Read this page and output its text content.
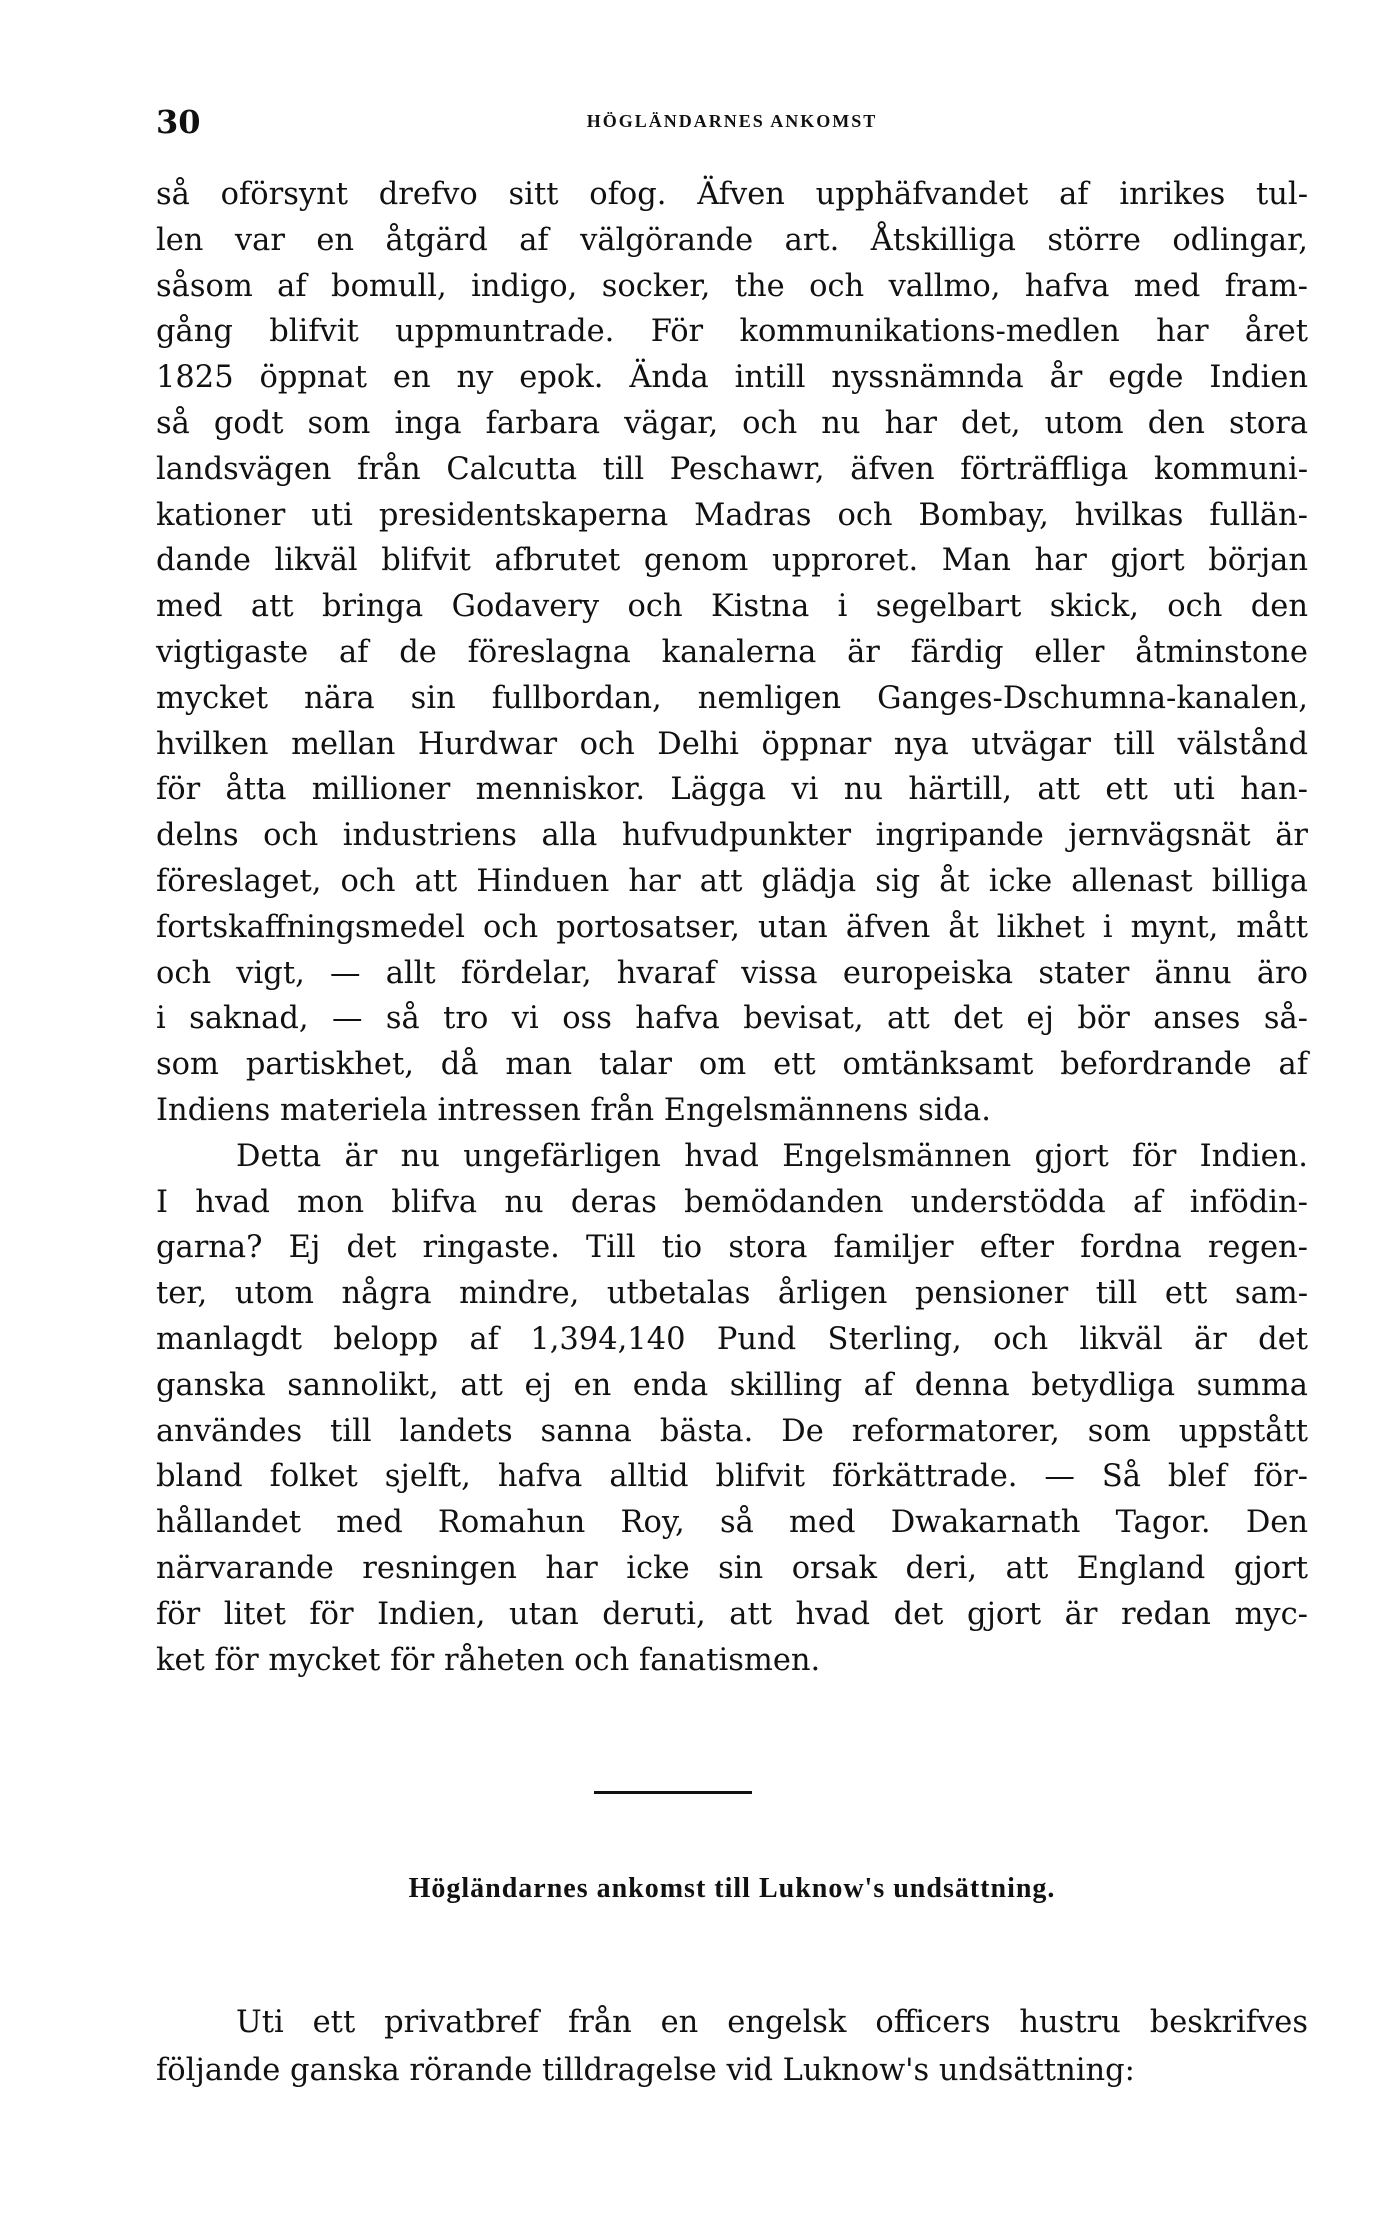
30	HÖGLÄNDARNES ANKOMST
så oförsynt drefvo sitt ofog. Äfven upphäfvandet af inrikes tul-
len var en åtgärd af välgörande art. Åtskilliga större odlingar,
såsom af bomull, indigo, socker, the och vallmo, hafva med fram-
gång blifvit uppmuntrade. För kommunikations-medlen har året
1825 öppnat en ny epok. Ända intill nyssnämnda år egde Indien
så godt som inga farbara vägar, och nu har det, utom den stora
landsvägen från Calcutta till Peschawr, äfven förträffliga kommuni-
kationer uti presidentskaperna Madras och Bombay, hvilkas fullän-
dande likväl blifvit afbrutet genom upproret. Man har gjort början
med att bringa Godavery och Kistna i segelbart skick, och den
vigtigaste af de föreslagna kanalerna är färdig eller åtminstone
mycket nära sin fullbordan, nemligen Ganges-Dschumna-kanalen,
hvilken mellan Hurdwar och Delhi öppnar nya utvägar till välstånd
för åtta millioner menniskor. Lägga vi nu härtill, att ett uti han-
delns och industriens alla hufvudpunkter ingripande jernvägsnät är
föreslaget, och att Hinduen har att glädja sig åt icke allenast billiga
fortskaffningsmedel och portosatser, utan äfven åt likhet i mynt, mått
och vigt, — allt fördelar, hvaraf vissa europeiska stater ännu äro
i saknad, — så tro vi oss hafva bevisat, att det ej bör anses så-
som partiskhet, då man talar om ett omtänksamt befordrande af
Indiens materiela intressen från Engelsmännens sida.
Detta är nu ungefärligen hvad Engelsmännen gjort för Indien.
I hvad mon blifva nu deras bemödanden understödda af infödin-
garna? Ej det ringaste. Till tio stora familjer efter fordna regen-
ter, utom några mindre, utbetalas årligen pensioner till ett sam-
manlagdt belopp af 1,394,140 Pund Sterling, och likväl är det
ganska sannolikt, att ej en enda skilling af denna betydliga summa
användes till landets sanna bästa. De reformatorer, som uppstått
bland folket sjelft, hafva alltid blifvit förkättrade. — Så blef för-
hållandet med Romahun Roy, så med Dwakarnath Tagor. Den
närvarande resningen har icke sin orsak deri, att England gjort
för litet för Indien, utan deruti, att hvad det gjort är redan myc-
ket för mycket för råheten och fanatismen.
Högländarnes ankomst till Luknow's undsättning.
Uti ett privatbref från en engelsk officers hustru beskrifves
följande ganska rörande tilldragelse vid Luknow's undsättning:
